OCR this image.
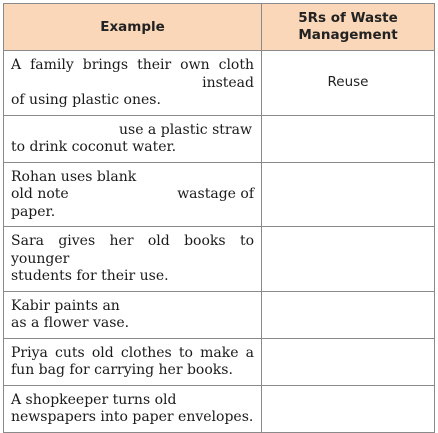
Example	5Rs of Waste
Management

A family brings their own cloth
instead
of using plastic ones.	Reuse

use a plastic straw
to drink coconut water.	

Rohan uses blank
old note wastage of
paper.	

Sara gives her old books to younger
students for their use.	

Kabir paints an
as a flower vase.	

Priya cuts old clothes to make a
fun bag for carrying her books.	

A shopkeeper turns old
newspapers into paper envelopes.	
